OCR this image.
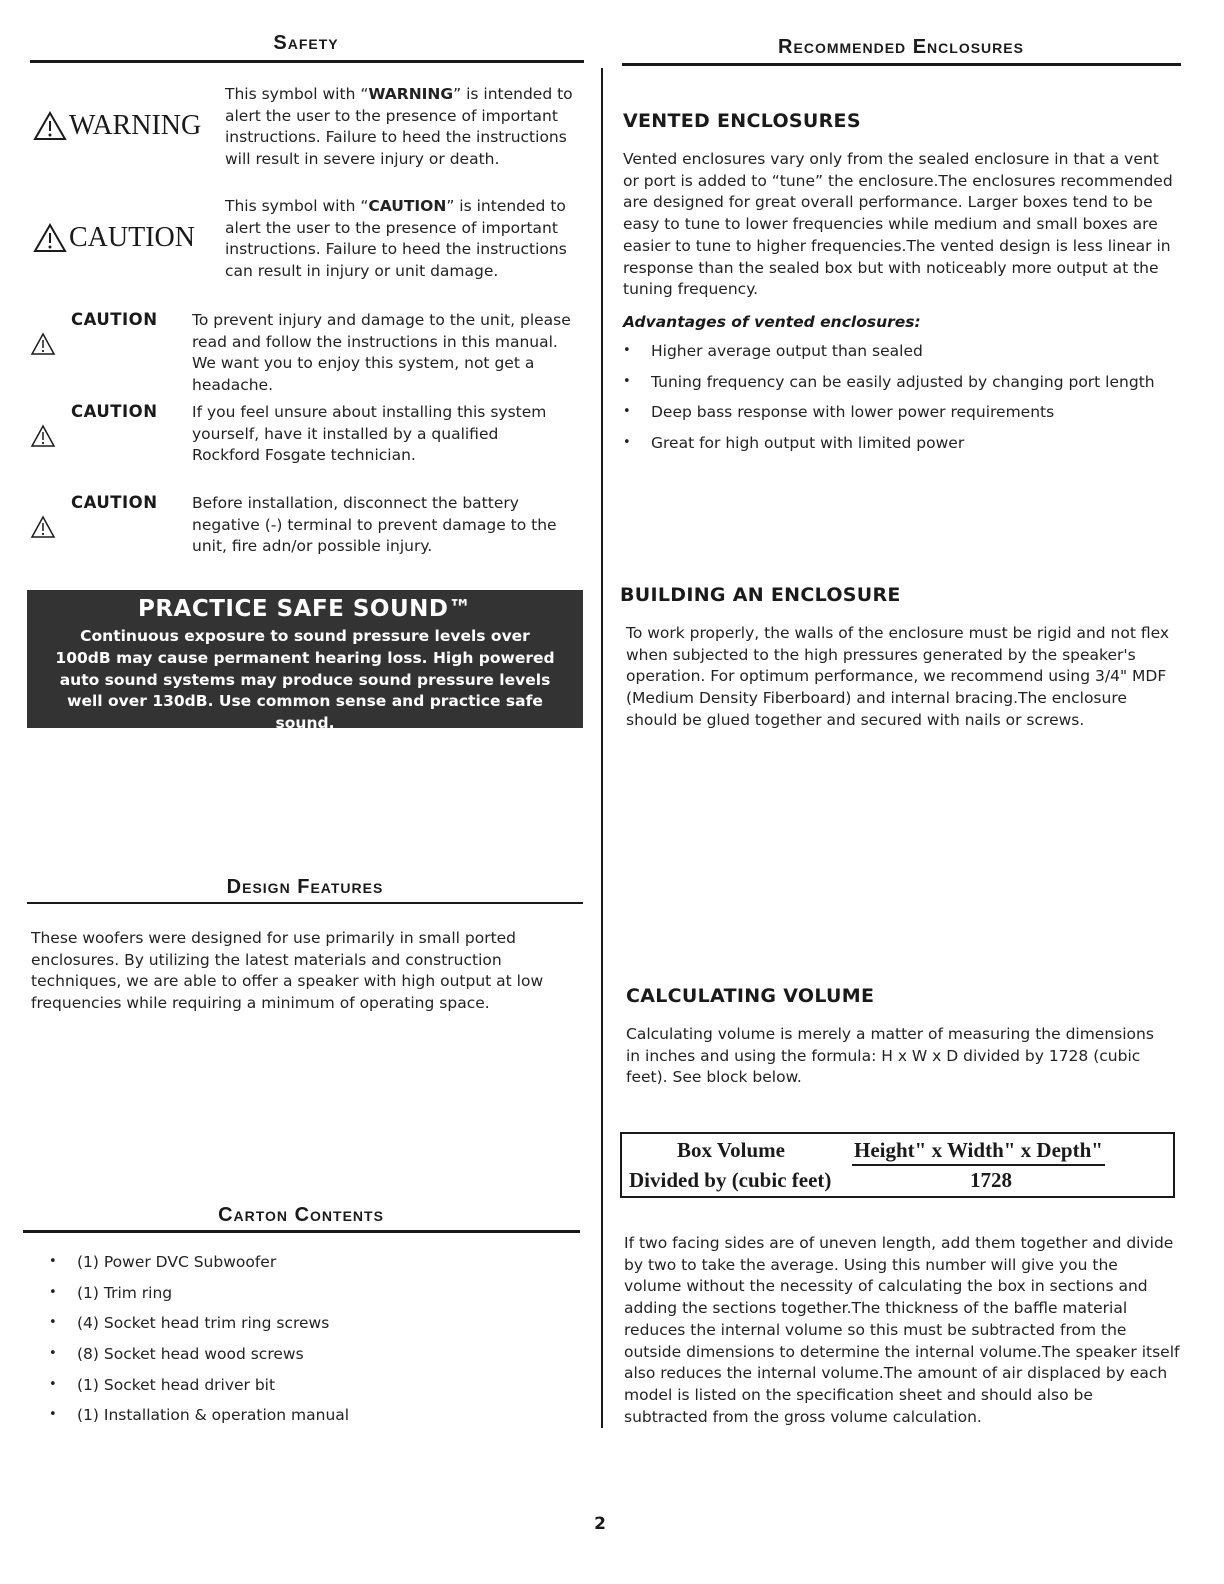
Safety
WARNING
This symbol with “WARNING” is intended to alert the user to the presence of important instructions. Failure to heed the instructions will result in severe injury or death.
CAUTION
This symbol with “CAUTION” is intended to alert the user to the presence of important instructions. Failure to heed the instructions can result in injury or unit damage.
CAUTION To prevent injury and damage to the unit, please read and follow the instructions in this manual. We want you to enjoy this system, not get a headache.
CAUTION If you feel unsure about installing this system yourself, have it installed by a qualified Rockford Fosgate technician.
CAUTION Before installation, disconnect the battery negative (-) terminal to prevent damage to the unit, fire adn/or possible injury.
PRACTICE SAFE SOUND™
Continuous exposure to sound pressure levels over 100dB may cause permanent hearing loss. High powered auto sound systems may produce sound pressure levels well over 130dB. Use common sense and practice safe sound.
Design Features
These woofers were designed for use primarily in small ported enclosures. By utilizing the latest materials and construction techniques, we are able to offer a speaker with high output at low frequencies while requiring a minimum of operating space.
Carton Contents
• (1) Power DVC Subwoofer
• (1) Trim ring
• (4) Socket head trim ring screws
• (8) Socket head wood screws
• (1) Socket head driver bit
• (1) Installation & operation manual
Recommended Enclosures
VENTED ENCLOSURES
Vented enclosures vary only from the sealed enclosure in that a vent or port is added to “tune” the enclosure.The enclosures recommended are designed for great overall performance. Larger boxes tend to be easy to tune to lower frequencies while medium and small boxes are easier to tune to higher frequencies.The vented design is less linear in response than the sealed box but with noticeably more output at the tuning frequency.
Advantages of vented enclosures:
• Higher average output than sealed
• Tuning frequency can be easily adjusted by changing port length
• Deep bass response with lower power requirements
• Great for high output with limited power
BUILDING AN ENCLOSURE
To work properly, the walls of the enclosure must be rigid and not flex when subjected to the high pressures generated by the speaker's operation. For optimum performance, we recommend using 3/4" MDF (Medium Density Fiberboard) and internal bracing.The enclosure should be glued together and secured with nails or screws.
CALCULATING VOLUME
Calculating volume is merely a matter of measuring the dimensions in inches and using the formula: H x W x D divided by 1728 (cubic feet). See block below.
Box Volume	Height" x Width" x Depth"
Divided by (cubic feet)	1728
If two facing sides are of uneven length, add them together and divide by two to take the average. Using this number will give you the volume without the necessity of calculating the box in sections and adding the sections together.The thickness of the baffle material reduces the internal volume so this must be subtracted from the outside dimensions to determine the internal volume.The speaker itself also reduces the internal volume.The amount of air displaced by each model is listed on the specification sheet and should also be subtracted from the gross volume calculation.
2
